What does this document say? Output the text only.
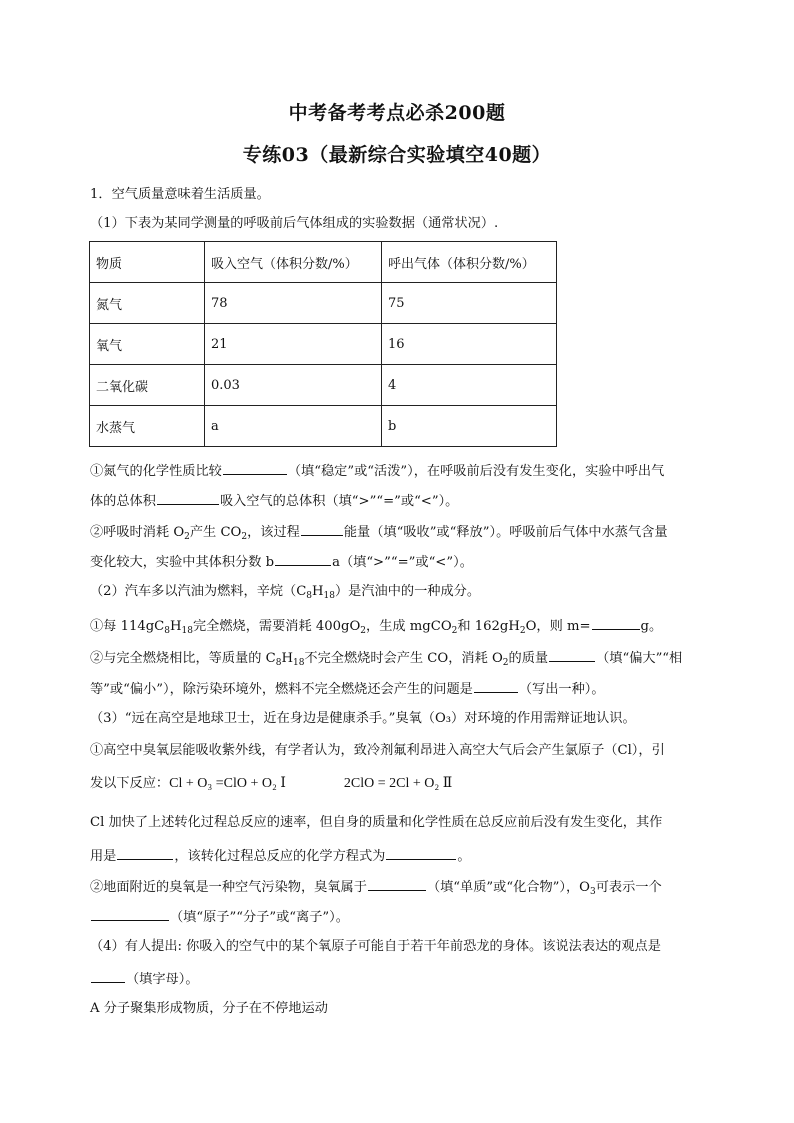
中考备考考点必杀200题
专练03（最新综合实验填空40题）
1．空气质量意味着生活质量。
（1）下表为某同学测量的呼吸前后气体组成的实验数据（通常状况）.
物质	吸入空气（体积分数/%）	呼出气体（体积分数/%）
氮气	78	75
氧气	21	16
二氧化碳	0.03	4
水蒸气	a	b
①氮气的化学性质比较	（填“稳定”或“活泼”），在呼吸前后没有发生变化，实验中呼出气
体的总体积	吸入空气的总体积（填“>”“=”或“<”）。
②呼吸时消耗 $O_2$产生 $CO_2$，该过程	能量（填“吸收”或“释放”）。呼吸前后气体中水蒸气含量
变化较大，实验中其体积分数 b	a（填“>”“=”或“<”）。
（2）汽车多以汽油为燃料，辛烷$(C_8H_{18})$是汽油中的一种成分。
①每 $114gC_8H_{18}$完全燃烧，需要消耗 $400gO_2$，生成 mgCO$_2$和 $162gH_2O$，则 m=	g。
②与完全燃烧相比，等质量的 $C_8H_{18}$不完全燃烧时会产生 CO，消耗 $O_2$的质量	（填“偏大”“相
等”或“偏小”），除污染环境外，燃料不完全燃烧还会产生的问题是	（写出一种）。
（3）“远在高空是地球卫士，近在身边是健康杀手。”臭氧（O₃）对环境的作用需辩证地认识。
①高空中臭氧层能吸收紫外线，有学者认为，致冷剂氟利昂进入高空大气后会产生氯原子（Cl），引
发以下反应：Cl + O₃ =ClO + O₂ Ⅰ	2ClO = 2Cl + O₂ Ⅱ
Cl 加快了上述转化过程总反应的速率，但自身的质量和化学性质在总反应前后没有发生变化，其作
用是	，该转化过程总反应的化学方程式为	。
②地面附近的臭氧是一种空气污染物，臭氧属于	（填“单质”或“化合物”），$O_3$可表示一个
（填“原子”“分子”或“离子”）。
（4）有人提出: 你吸入的空气中的某个氧原子可能自于若干年前恐龙的身体。该说法表达的观点是
（填字母）。
A 分子聚集形成物质，分子在不停地运动
